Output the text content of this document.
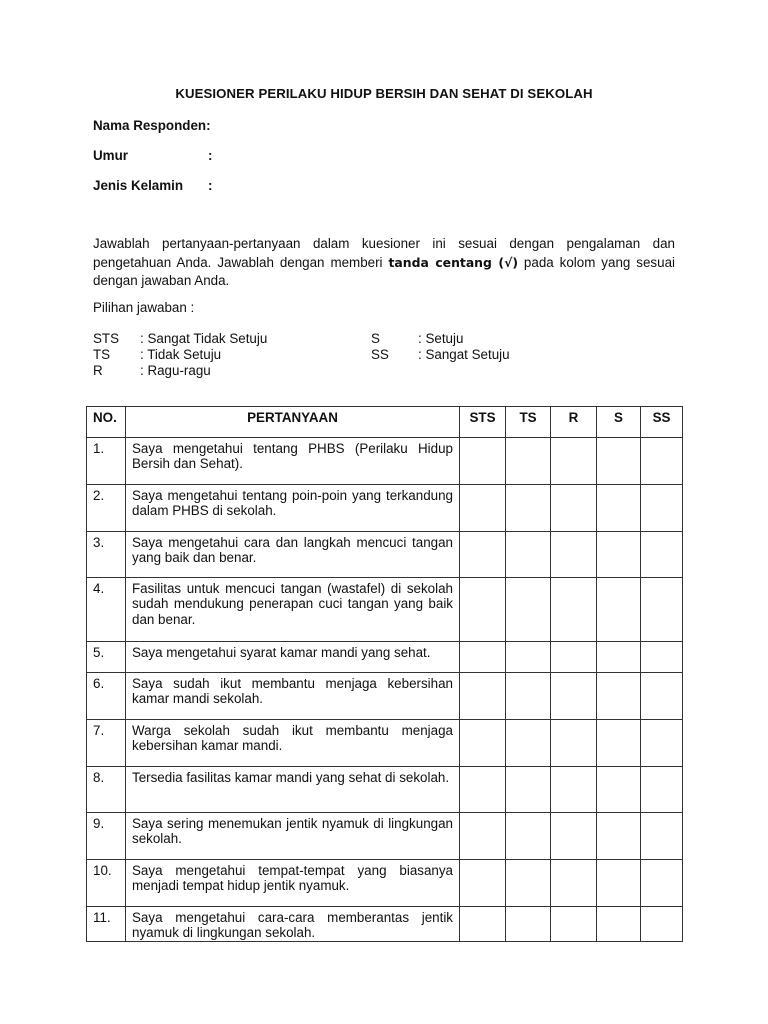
KUESIONER PERILAKU HIDUP BERSIH DAN SEHAT DI SEKOLAH
Nama Responden:
Umur	:
Jenis Kelamin :
Jawablah pertanyaan-pertanyaan dalam kuesioner ini sesuai dengan pengalaman dan pengetahuan Anda. Jawablah dengan memberi tanda centang (√) pada kolom yang sesuai dengan jawaban Anda.
Pilihan jawaban :
STS : Sangat Tidak Setuju
TS : Tidak Setuju
R	: Ragu-ragu
S	: Setuju
SS : Sangat Setuju
NO.	PERTANYAAN	STS	TS	R	S	SS
1.	Saya mengetahui tentang PHBS (Perilaku Hidup Bersih dan Sehat).					
2.	Saya mengetahui tentang poin-poin yang terkandung dalam PHBS di sekolah.					
3.	Saya mengetahui cara dan langkah mencuci tangan yang baik dan benar.					
4.	Fasilitas untuk mencuci tangan (wastafel) di sekolah sudah mendukung penerapan cuci tangan yang baik dan benar.					
5.	Saya mengetahui syarat kamar mandi yang sehat.					
6.	Saya sudah ikut membantu menjaga kebersihan kamar mandi sekolah.					
7.	Warga sekolah sudah ikut membantu menjaga kebersihan kamar mandi.					
8.	Tersedia fasilitas kamar mandi yang sehat di sekolah.					
9.	Saya sering menemukan jentik nyamuk di lingkungan sekolah.					
10.	Saya mengetahui tempat-tempat yang biasanya menjadi tempat hidup jentik nyamuk.					
11.	Saya mengetahui cara-cara memberantas jentik nyamuk di lingkungan sekolah.					
